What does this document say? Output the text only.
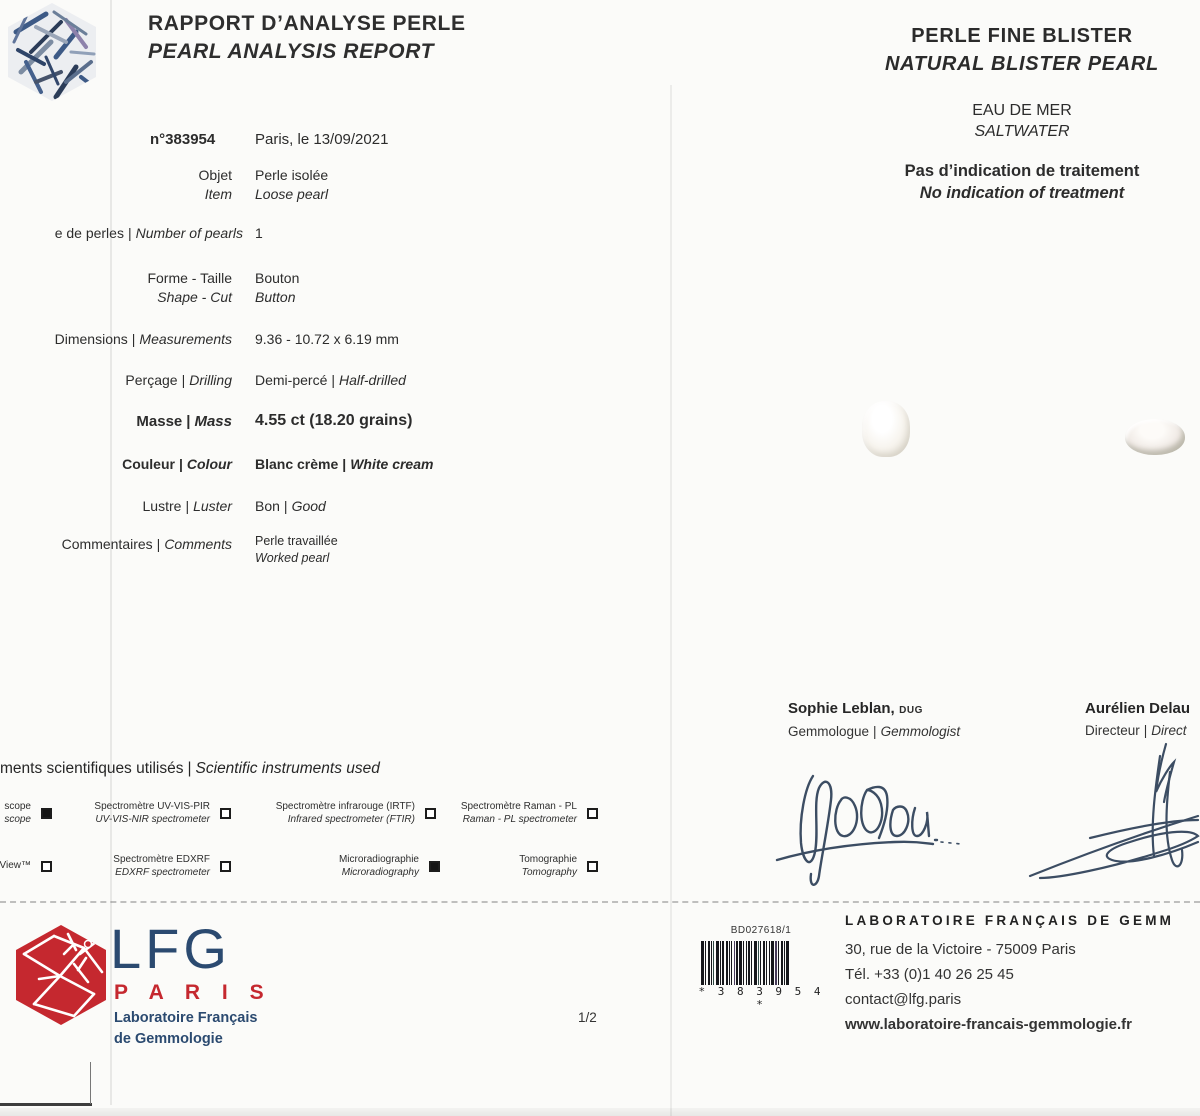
RAPPORT D’ANALYSE PERLE
PEARL ANALYSIS REPORT
n°383954	Paris, le 13/09/2021
Objet
Item
Perle isolée
Loose pearl
e de perles | Number of pearls 1
Forme - Taille
Shape - Cut
Bouton
Button
Dimensions | Measurements 9.36 - 10.72 x 6.19 mm
Perçage | Drilling Demi-percé | Half-drilled
Masse | Mass 4.55 ct (18.20 grains)
Couleur | Colour Blanc crème | White cream
Lustre | Luster Bon | Good
Commentaires | Comments Perle travaillée
Worked pearl
ments scientifiques utilisés | Scientific instruments used
scope
scope
Spectromètre UV-VIS-PIR
UV-VIS-NIR spectrometer
Spectromètre infrarouge (IRTF)
Infrared spectrometer (FTIR)
Spectromètre Raman - PL
Raman - PL spectrometer
View™
Spectromètre EDXRF
EDXRF spectrometer
Microradiographie
Microradiography
Tomographie
Tomography
PERLE FINE BLISTER
NATURAL BLISTER PEARL
EAU DE MER
SALTWATER
Pas d’indication de traitement
No indication of treatment
Sophie Leblan, DUG
Gemmologue | Gemmologist
Aurélien Delau
Directeur | Direct
LFG
P A R I S
Laboratoire Français
de Gemmologie
1/2
BD027618/1
* 3 8 3 9 5 4 *
LABORATOIRE FRANÇAIS DE GEMM
30, rue de la Victoire - 75009 Paris
Tél. +33 (0)1 40 26 25 45
contact@lfg.paris
www.laboratoire-francais-gemmologie.fr
